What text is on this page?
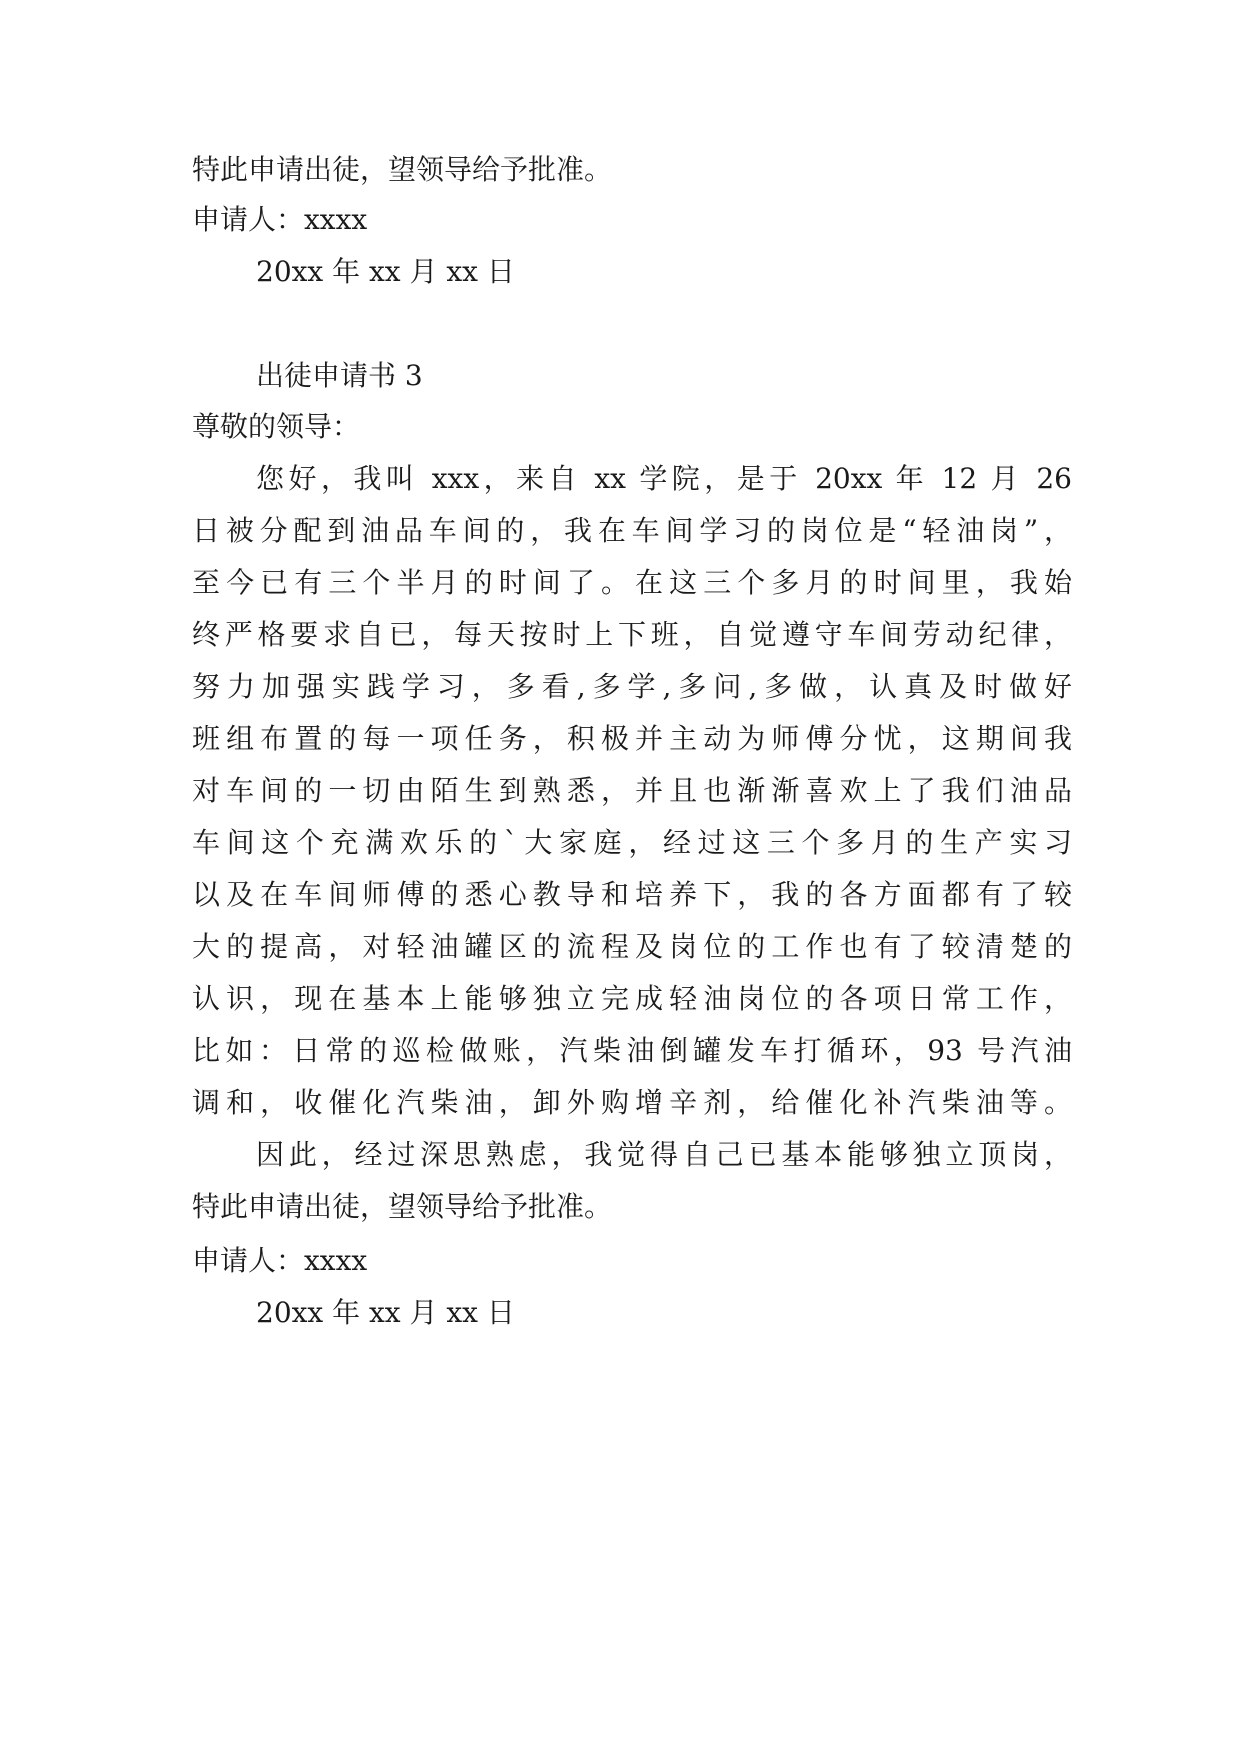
特此申请出徒，望领导给予批准。
申请人：xxxx
20xx 年 xx 月 xx 日
出徒申请书 3
尊敬的领导：
您好，我叫 xxx，来自 xx 学院，是于 20xx 年 12 月 26
日被分配到油品车间的，我在车间学习的岗位是“轻油岗”，
至今已有三个半月的时间了。在这三个多月的时间里，我始
终严格要求自已，每天按时上下班，自觉遵守车间劳动纪律，
努力加强实践学习，多看,多学,多问,多做，认真及时做好
班组布置的每一项任务，积极并主动为师傅分忧，这期间我
对车间的一切由陌生到熟悉，并且也渐渐喜欢上了我们油品
车间这个充满欢乐的`大家庭，经过这三个多月的生产实习
以及在车间师傅的悉心教导和培养下，我的各方面都有了较
大的提高，对轻油罐区的流程及岗位的工作也有了较清楚的
认识，现在基本上能够独立完成轻油岗位的各项日常工作，
比如：日常的巡检做账，汽柴油倒罐发车打循环，93 号汽油
调和，收催化汽柴油，卸外购增辛剂，给催化补汽柴油等。
因此，经过深思熟虑，我觉得自己已基本能够独立顶岗，
特此申请出徒，望领导给予批准。
申请人：xxxx
20xx 年 xx 月 xx 日
